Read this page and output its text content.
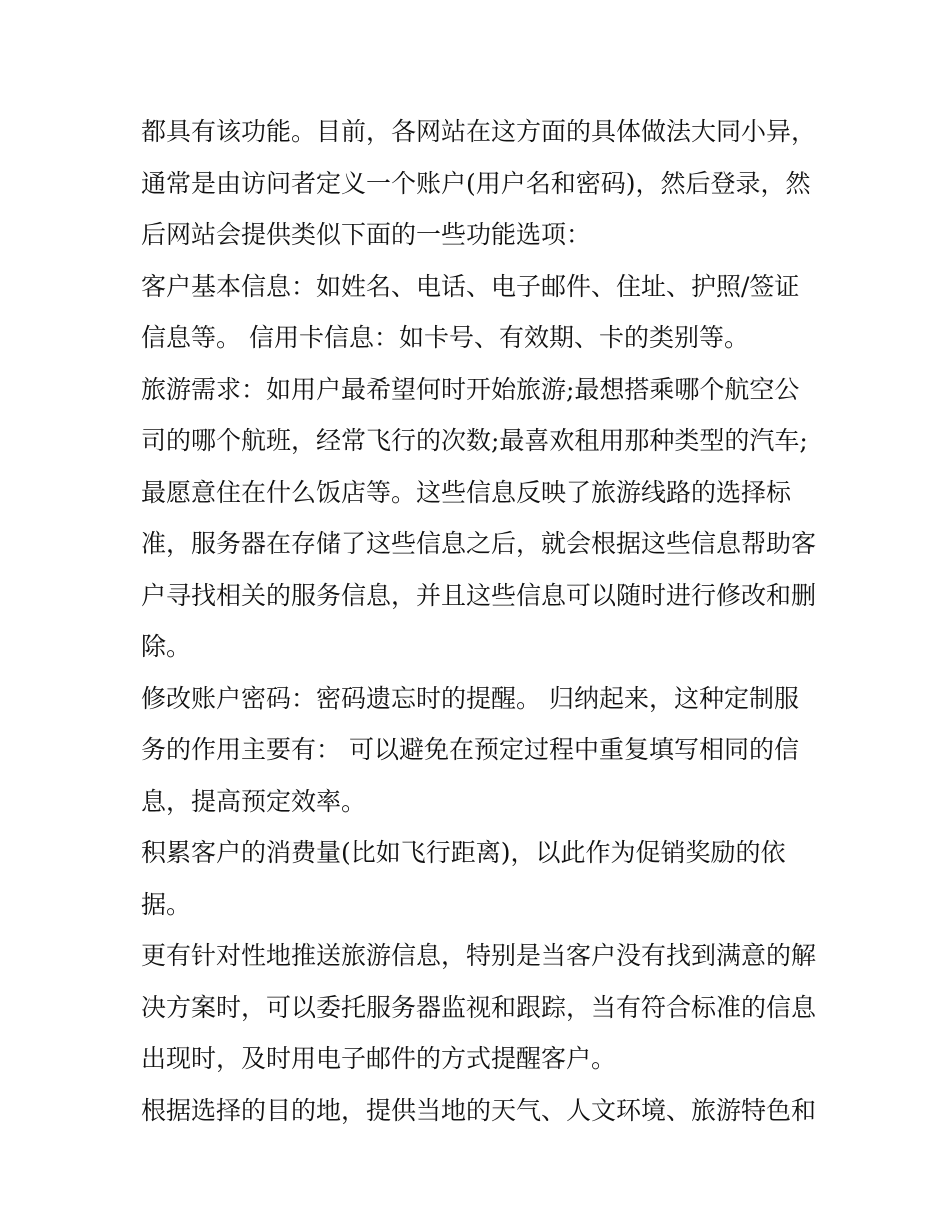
都具有该功能。目前，各网站在这方面的具体做法大同小异，

通常是由访问者定义一个账户(用户名和密码)，然后登录，然

后网站会提供类似下面的一些功能选项：

客户基本信息：如姓名、电话、电子邮件、住址、护照/签证

信息等。 信用卡信息：如卡号、有效期、卡的类别等。

旅游需求：如用户最希望何时开始旅游;最想搭乘哪个航空公

司的哪个航班，经常飞行的次数;最喜欢租用那种类型的汽车;

最愿意住在什么饭店等。这些信息反映了旅游线路的选择标

准，服务器在存储了这些信息之后，就会根据这些信息帮助客

户寻找相关的服务信息，并且这些信息可以随时进行修改和删

除。

修改账户密码：密码遗忘时的提醒。 归纳起来，这种定制服

务的作用主要有： 可以避免在预定过程中重复填写相同的信

息，提高预定效率。

积累客户的消费量(比如飞行距离)，以此作为促销奖励的依

据。

更有针对性地推送旅游信息，特别是当客户没有找到满意的解

决方案时，可以委托服务器监视和跟踪，当有符合标准的信息

出现时，及时用电子邮件的方式提醒客户。

根据选择的目的地，提供当地的天气、人文环境、旅游特色和
